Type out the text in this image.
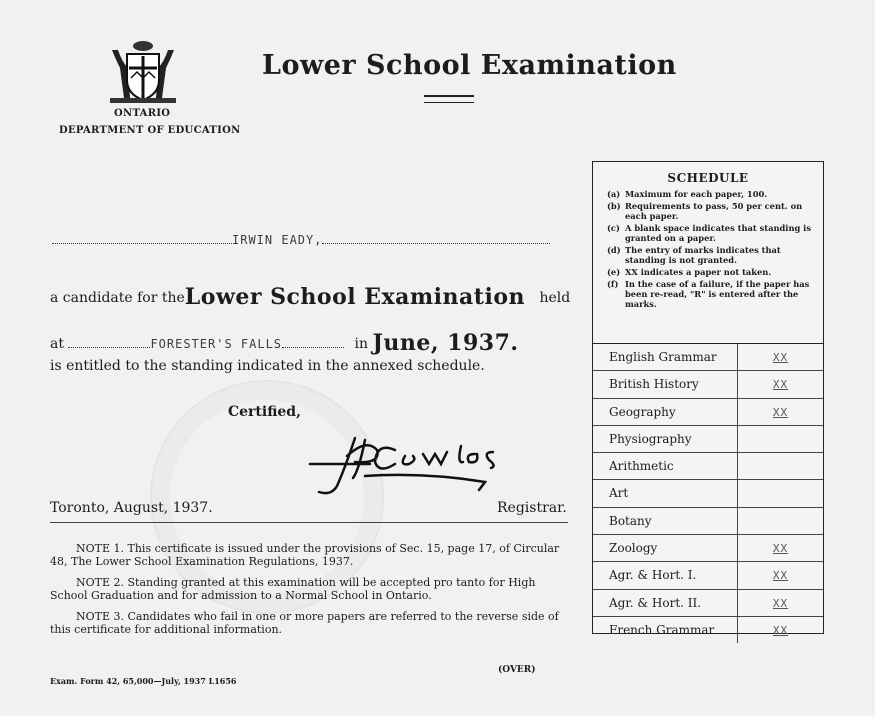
ONTARIO
DEPARTMENT OF EDUCATION
Lower School Examination
IRWIN EADY,
a candidate for theLower School Examination held
at	FORESTER'S FALLS	in June, 1937.
is entitled to the standing indicated in the annexed schedule.
Certified,
Toronto, August, 1937.	Registrar.

NOTE 1. This certificate is issued under the provisions of Sec. 15, page 17, of Circular 48, The Lower School Examination Regulations, 1937.

NOTE 2. Standing granted at this examination will be accepted pro tanto for High School Graduation and for admission to a Normal School in Ontario.

NOTE 3. Candidates who fail in one or more papers are referred to the reverse side of this certificate for additional information.

(OVER)
Exam. Form 42, 65,000—July, 1937 L1656
SCHEDULE
(a) Maximum for each paper, 100.
(b) Requirements to pass, 50 per cent. on each paper.
(c) A blank space indicates that standing is granted on a paper.
(d) The entry of marks indicates that standing is not granted.
(e) XX indicates a paper not taken.
(f) In the case of a failure, if the paper has been re-read, "R" is entered after the marks.
English Grammar	XX
British History	XX
Geography	XX
Physiography
Arithmetic
Art
Botany
Zoology	XX
Agr. & Hort. I.	XX
Agr. & Hort. II.	XX
French Grammar	XX
